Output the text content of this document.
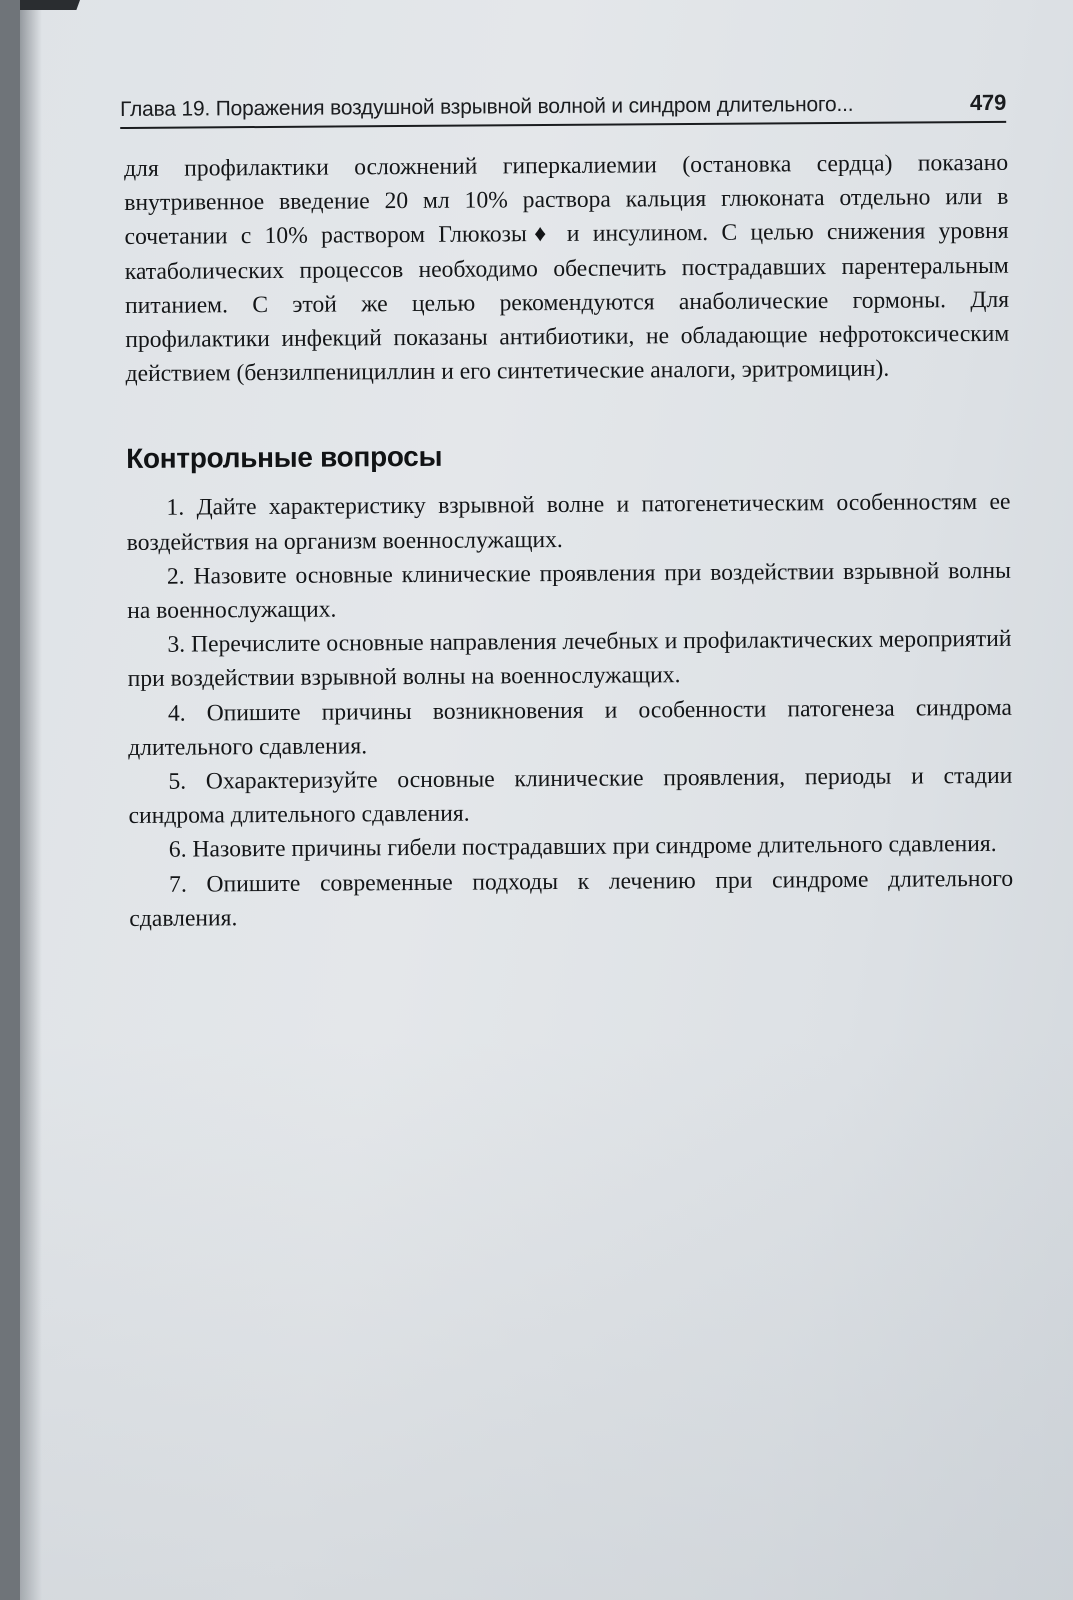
Глава 19. Поражения воздушной взрывной волной и синдром длительного...	479

для профилактики осложнений гиперкалиемии (остановка сердца) показано внутривенное введение 20 мл 10% раствора кальция глюконата отдельно или в сочетании с 10% раствором Глюкозы♦ и инсулином. С целью снижения уровня катаболических процессов необходимо обеспечить пострадавших парентеральным питанием. С этой же целью рекомендуются анаболические гормоны. Для профилактики инфекций показаны антибиотики, не обладающие нефротоксическим действием (бензилпенициллин и его синтетические аналоги, эритромицин).

Контрольные вопросы

1. Дайте характеристику взрывной волне и патогенетическим особенностям ее воздействия на организм военнослужащих.

2. Назовите основные клинические проявления при воздействии взрывной волны на военнослужащих.

3. Перечислите основные направления лечебных и профилактических мероприятий при воздействии взрывной волны на военнослужащих.

4. Опишите причины возникновения и особенности патогенеза синдрома длительного сдавления.

5. Охарактеризуйте основные клинические проявления, периоды и стадии синдрома длительного сдавления.

6. Назовите причины гибели пострадавших при синдроме длительного сдавления.

7. Опишите современные подходы к лечению при синдроме длительного сдавления.
